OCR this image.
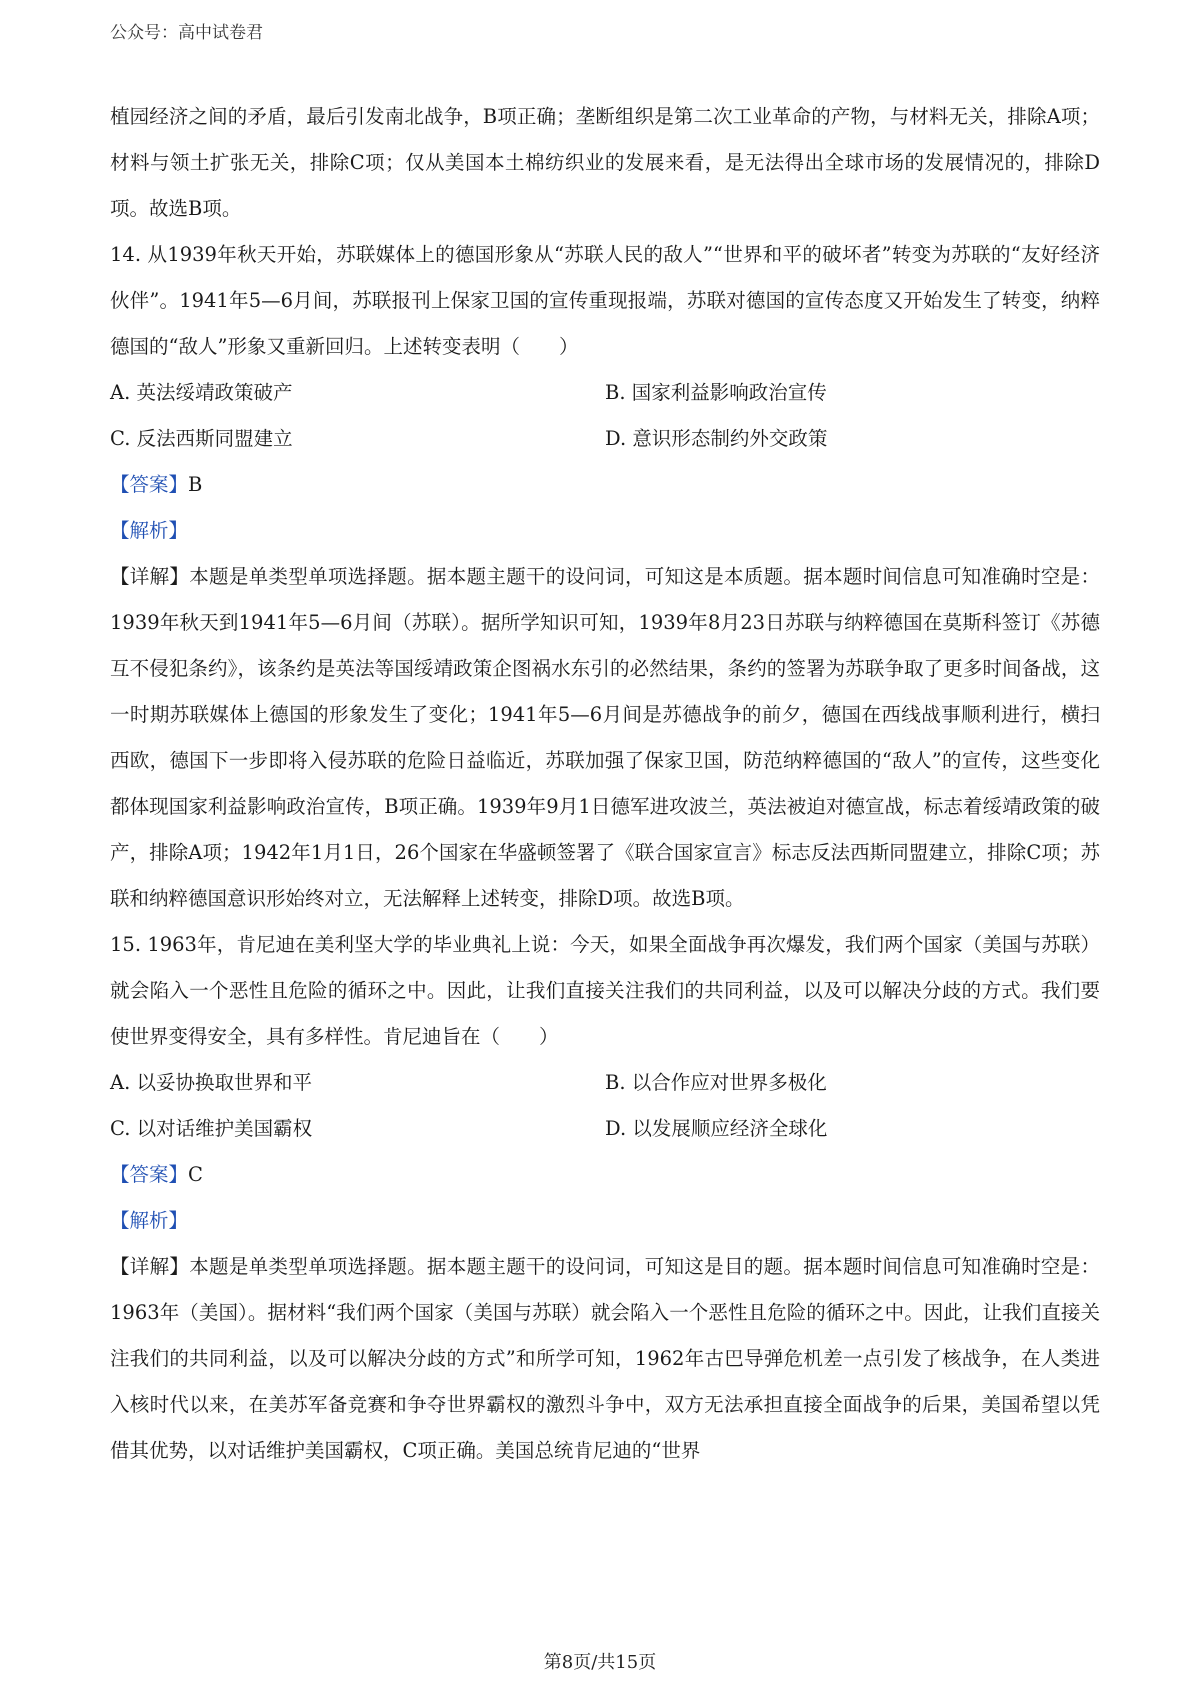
公众号：高中试卷君

植园经济之间的矛盾，最后引发南北战争，B项正确；垄断组织是第二次工业革命的产物，与材料无关，排除A项；材料与领土扩张无关，排除C项；仅从美国本土棉纺织业的发展来看，是无法得出全球市场的发展情况的，排除D项。故选B项。

14. 从1939年秋天开始，苏联媒体上的德国形象从“苏联人民的敌人”“世界和平的破坏者”转变为苏联的“友好经济伙伴”。1941年5—6月间，苏联报刊上保家卫国的宣传重现报端，苏联对德国的宣传态度又开始发生了转变，纳粹德国的“敌人”形象又重新回归。上述转变表明（　　）

A. 英法绥靖政策破产	B. 国家利益影响政治宣传
C. 反法西斯同盟建立	D. 意识形态制约外交政策

【答案】B

【解析】

【详解】本题是单类型单项选择题。据本题主题干的设问词，可知这是本质题。据本题时间信息可知准确时空是：1939年秋天到1941年5—6月间（苏联）。据所学知识可知，1939年8月23日苏联与纳粹德国在莫斯科签订《苏德互不侵犯条约》，该条约是英法等国绥靖政策企图祸水东引的必然结果，条约的签署为苏联争取了更多时间备战，这一时期苏联媒体上德国的形象发生了变化；1941年5—6月间是苏德战争的前夕，德国在西线战事顺利进行，横扫西欧，德国下一步即将入侵苏联的危险日益临近，苏联加强了保家卫国，防范纳粹德国的“敌人”的宣传，这些变化都体现国家利益影响政治宣传，B项正确。1939年9月1日德军进攻波兰，英法被迫对德宣战，标志着绥靖政策的破产，排除A项；1942年1月1日，26个国家在华盛顿签署了《联合国家宣言》标志反法西斯同盟建立，排除C项；苏联和纳粹德国意识形始终对立，无法解释上述转变，排除D项。故选B项。

15. 1963年，肯尼迪在美利坚大学的毕业典礼上说：今天，如果全面战争再次爆发，我们两个国家（美国与苏联）就会陷入一个恶性且危险的循环之中。因此，让我们直接关注我们的共同利益，以及可以解决分歧的方式。我们要使世界变得安全，具有多样性。肯尼迪旨在（　　）

A. 以妥协换取世界和平	B. 以合作应对世界多极化
C. 以对话维护美国霸权	D. 以发展顺应经济全球化

【答案】C

【解析】

【详解】本题是单类型单项选择题。据本题主题干的设问词，可知这是目的题。据本题时间信息可知准确时空是：1963年（美国）。据材料“我们两个国家（美国与苏联）就会陷入一个恶性且危险的循环之中。因此，让我们直接关注我们的共同利益，以及可以解决分歧的方式”和所学可知，1962年古巴导弹危机差一点引发了核战争，在人类进入核时代以来，在美苏军备竞赛和争夺世界霸权的激烈斗争中，双方无法承担直接全面战争的后果，美国希望以凭借其优势，以对话维护美国霸权，C项正确。美国总统肯尼迪的“世界

第8页/共15页
